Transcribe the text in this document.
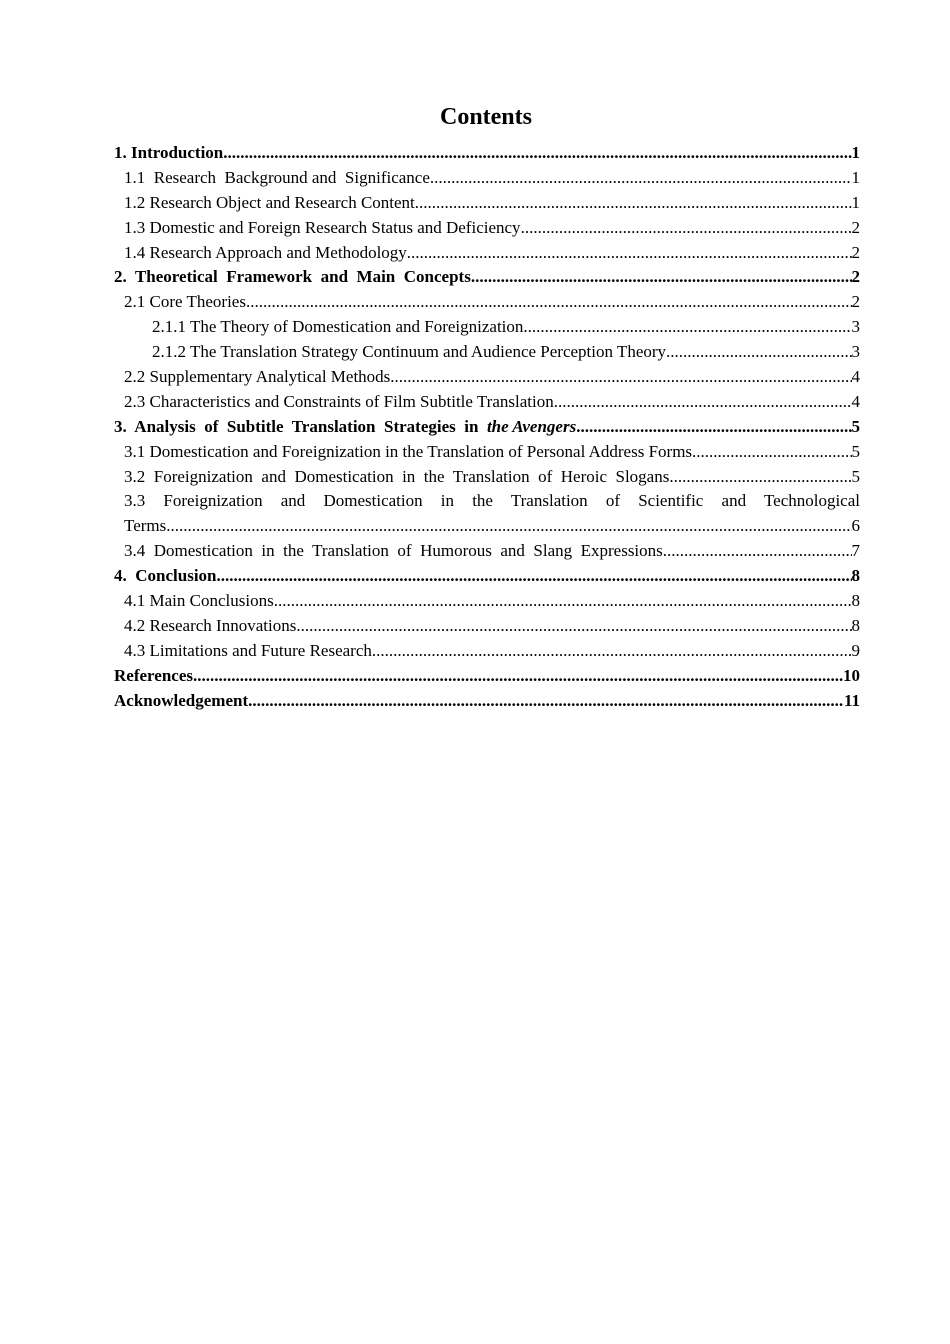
Contents
1. Introduction .....	1
1.1  Research  Background and  Significance .....	1
1.2 Research Object and Research Content .....	1
1.3 Domestic and Foreign Research Status and Deficiency .....	2
1.4 Research Approach and Methodology .....	2
2.  Theoretical  Framework  and  Main  Concepts .....	2
2.1 Core Theories .....	2
2.1.1 The Theory of Domestication and Foreignization .....	3
2.1.2 The Translation Strategy Continuum and Audience Perception Theory .....	3
2.2 Supplementary Analytical Methods .....	4
2.3 Characteristics and Constraints of Film Subtitle Translation .....	4
3.  Analysis  of  Subtitle  Translation  Strategies  in  the Avengers .....	5
3.1 Domestication and Foreignization in the Translation of Personal Address Forms .....	5
3.2  Foreignization  and  Domestication  in  the  Translation  of  Heroic  Slogans .....	5
3.3 Foreignization and Domestication in the Translation of Scientific and Technological
Terms .....	6
3.4  Domestication  in  the  Translation  of  Humorous  and  Slang  Expressions .....	7
4.  Conclusion .....	8
4.1 Main Conclusions .....	8
4.2 Research Innovations .....	8
4.3 Limitations and Future Research .....	9
References .....	10
Acknowledgement .....	11
